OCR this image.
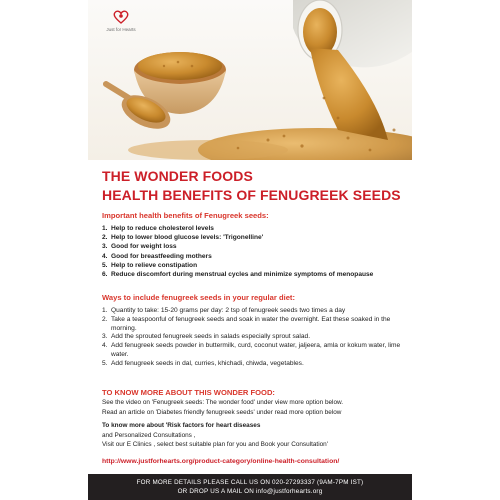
Just for Hearts
THE WONDER FOODS
HEALTH BENEFITS OF FENUGREEK SEEDS
Important health benefits of Fenugreek seeds:
1. Help to reduce cholesterol levels
2. Help to lower blood glucose levels: 'Trigonelline'
3. Good for weight loss
4. Good for breastfeeding mothers
5. Help to relieve constipation
6. Reduce discomfort during menstrual cycles and minimize symptoms of menopause
Ways to include fenugreek seeds in your regular diet:
1. Quantity to take: 15-20 grams per day: 2 tsp of fenugreek seeds two times a day
2. Take a teaspoonful of fenugreek seeds and soak in water the overnight. Eat these soaked in the morning.
3. Add the sprouted fenugreek seeds in salads especially sprout salad.
4. Add fenugreek seeds powder in buttermilk, curd, coconut water, jaljeera, amla or kokum water, lime water.
5. Add fenugreek seeds in dal, curries, khichadi, chiwda, vegetables.
TO KNOW MORE ABOUT THIS WONDER FOOD:
See the video on 'Fenugreek seeds: The wonder food' under view more option below.
Read an article on 'Diabetes friendly fenugreek seeds' under read more option below
To know more about 'Risk factors for heart diseases
and Personalized Consultations ,
Visit our E Clinics , select best suitable plan for you and Book your Consultation'
http://www.justforhearts.org/product-category/online-health-consultation/
FOR MORE DETAILS PLEASE CALL US ON 020-27293337 (9AM-7PM IST)
OR DROP US A MAIL ON info@justforhearts.org
